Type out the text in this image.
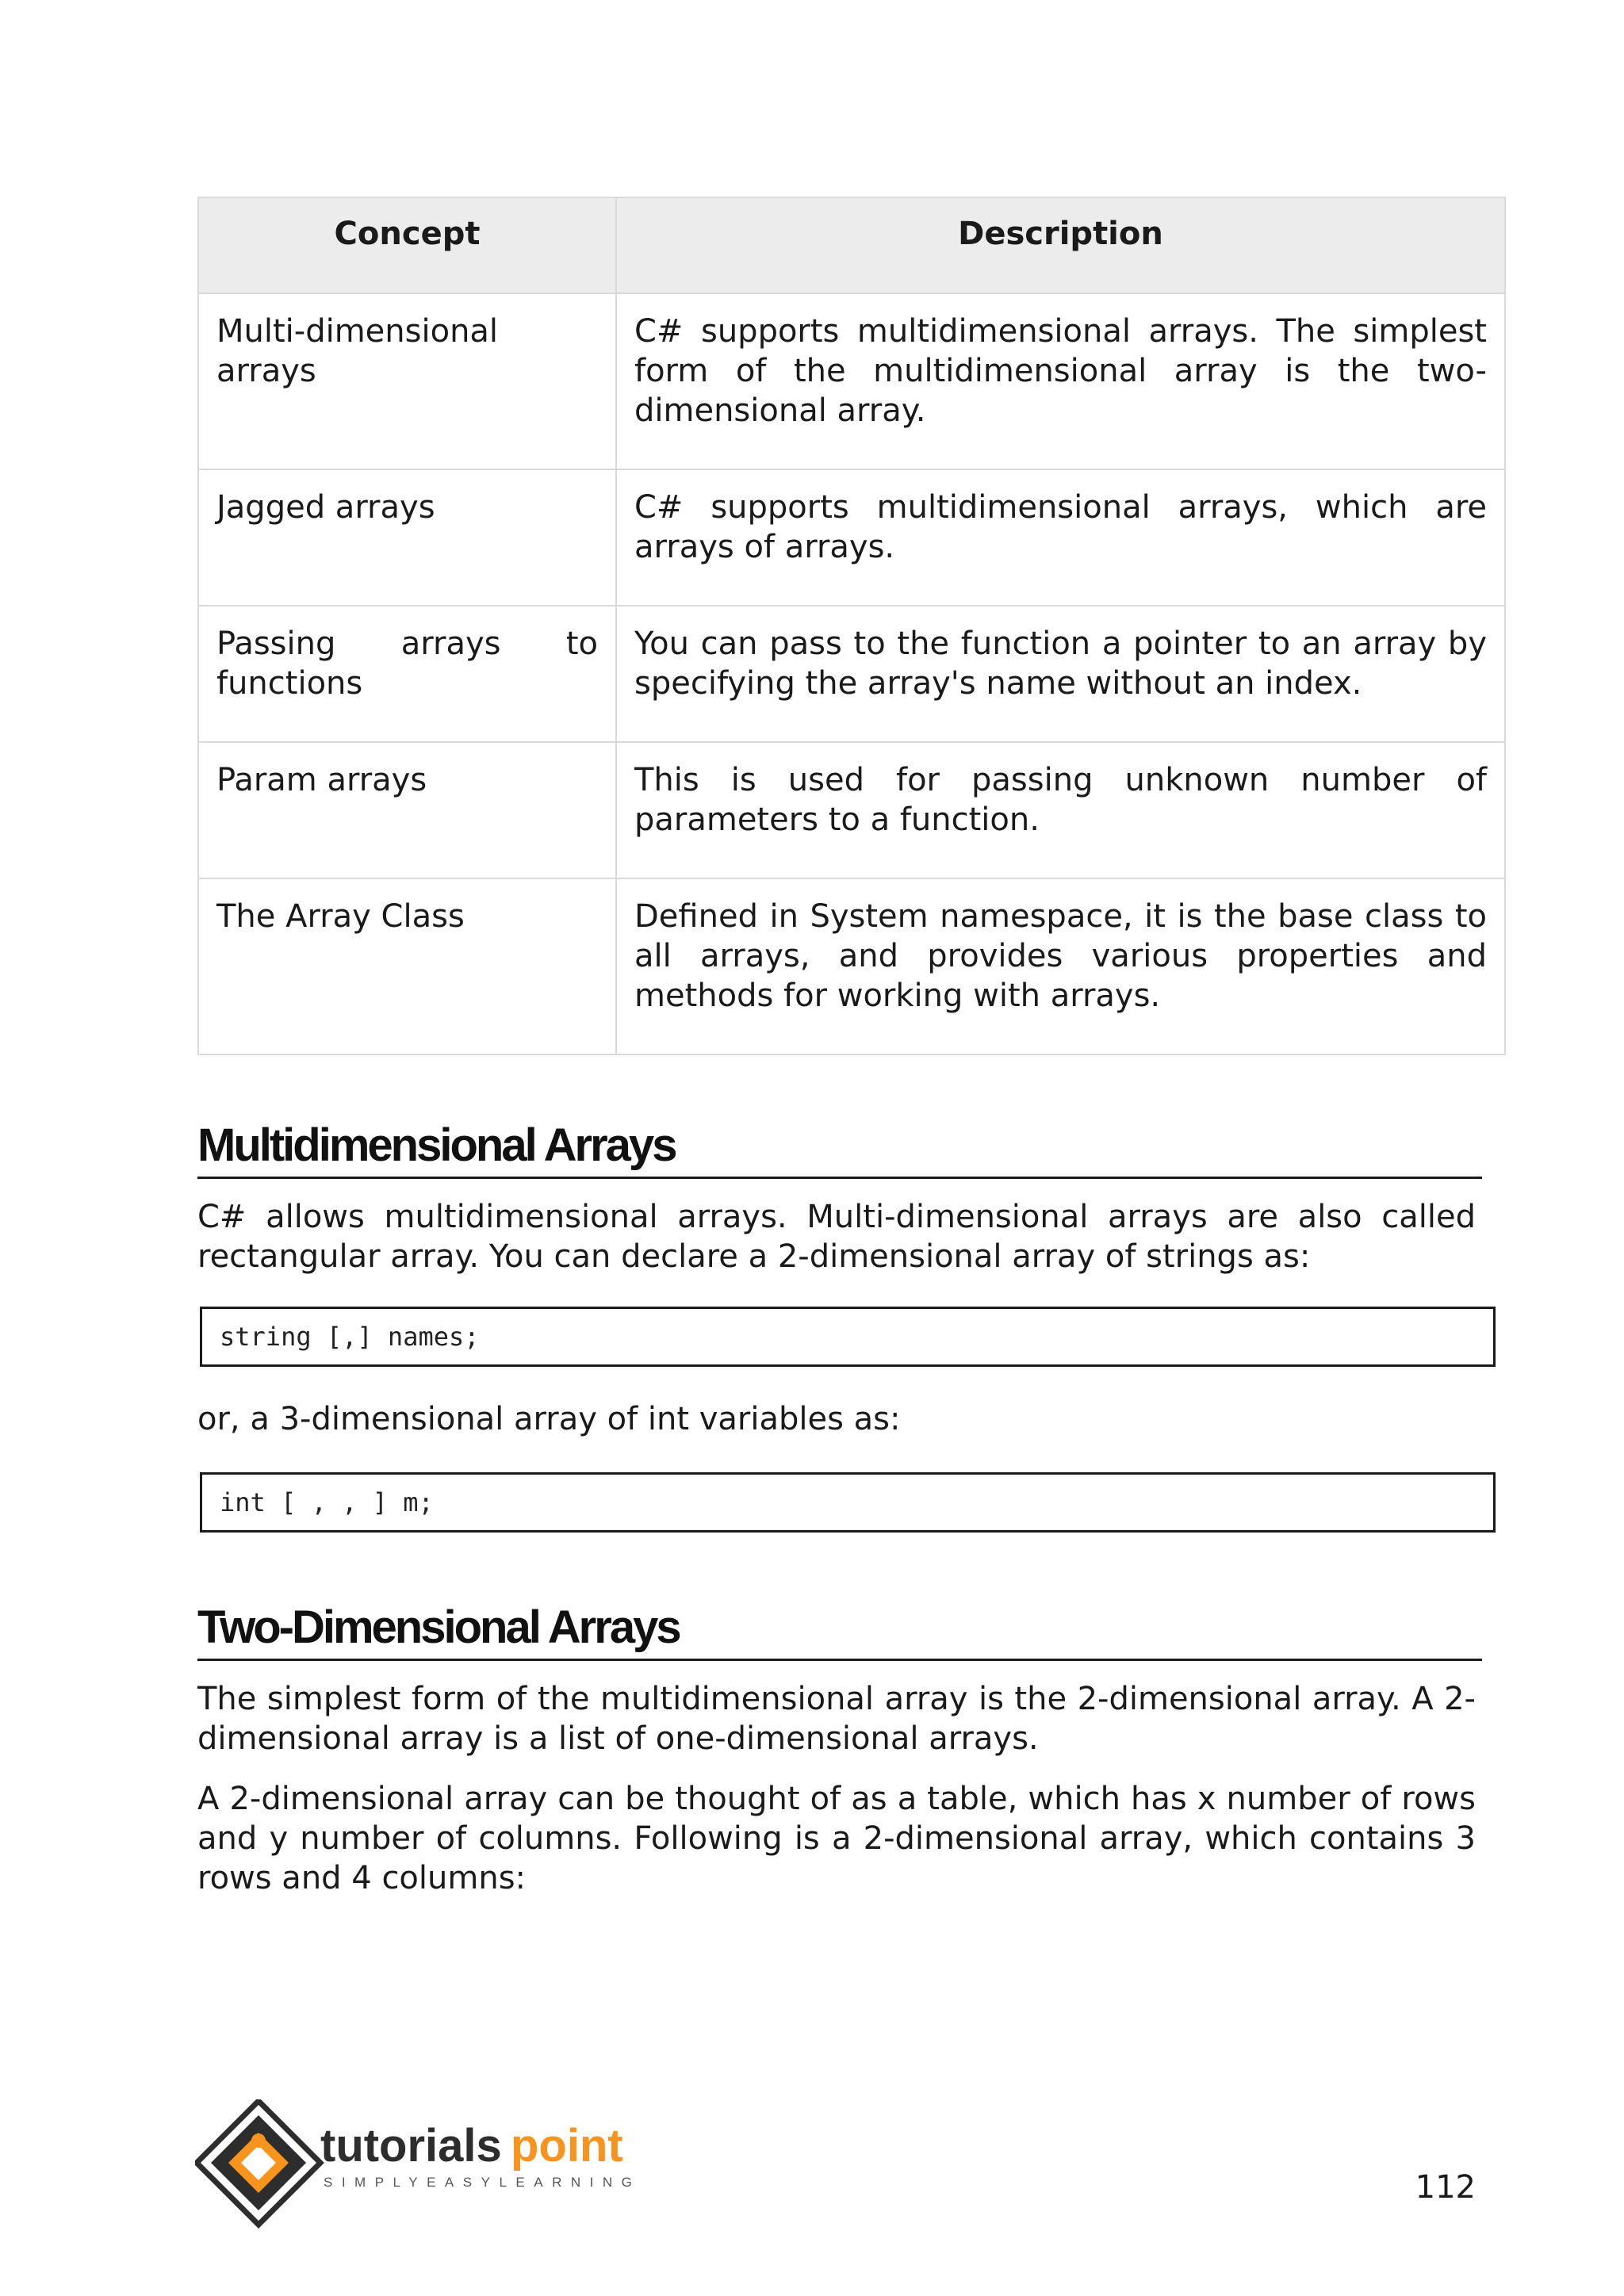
Concept	Description
Multi-dimensional arrays	C# supports multidimensional arrays. The simplest form of the multidimensional array is the two-dimensional array.
Jagged arrays	C# supports multidimensional arrays, which are arrays of arrays.
Passing arrays to functions	You can pass to the function a pointer to an array by specifying the array's name without an index.
Param arrays	This is used for passing unknown number of parameters to a function.
The Array Class	Defined in System namespace, it is the base class to all arrays, and provides various properties and methods for working with arrays.
Multidimensional Arrays

C# allows multidimensional arrays. Multi-dimensional arrays are also called rectangular array. You can declare a 2-dimensional array of strings as:

string [,] names;

or, a 3-dimensional array of int variables as:

int [ , , ] m;
Two-Dimensional Arrays

The simplest form of the multidimensional array is the 2-dimensional array. A 2-dimensional array is a list of one-dimensional arrays.

A 2-dimensional array can be thought of as a table, which has x number of rows and y number of columns. Following is a 2-dimensional array, which contains 3 rows and 4 columns:

tutorials point
SIMPLYEASYLEARNING	112
